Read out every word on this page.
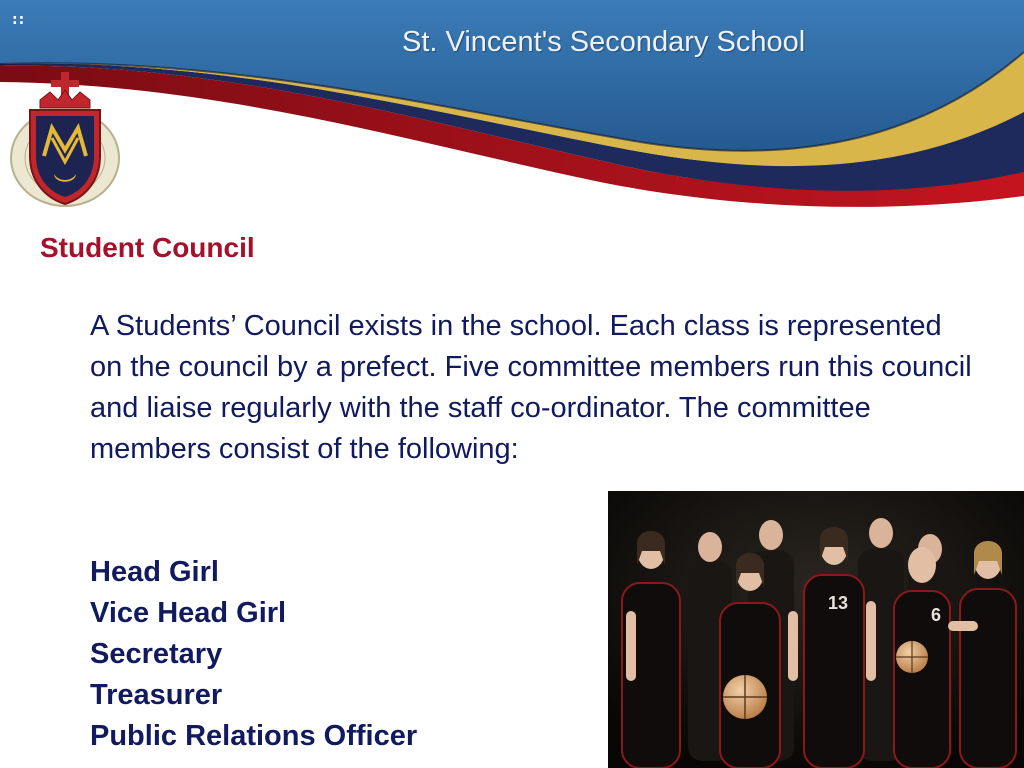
::
St. Vincent's Secondary School
Student Council

A Students’ Council exists in the school. Each class is represented on the council by a prefect. Five committee members run this council and liaise regularly with the staff co-ordinator. The committee members consist of the following:

Head Girl
Vice Head Girl
Secretary
Treasurer
Public Relations Officer
13
6
